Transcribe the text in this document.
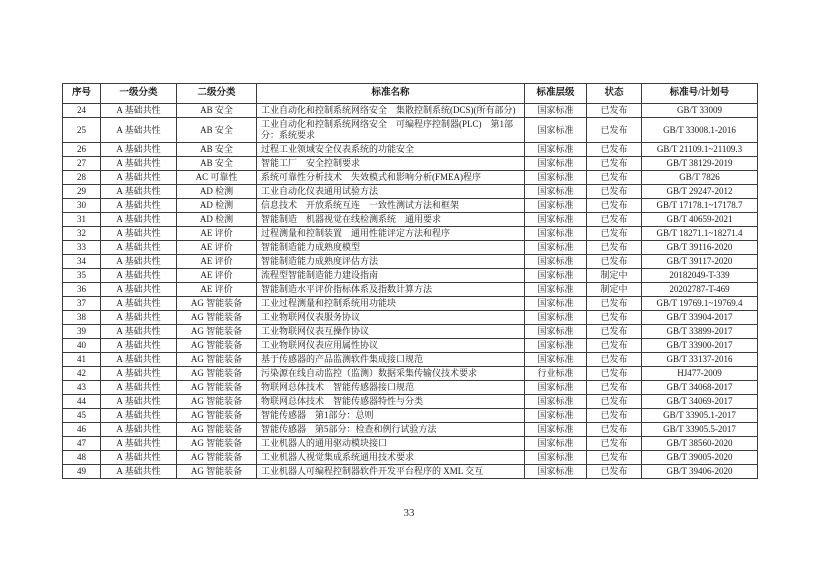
序号	一级分类	二级分类	标准名称	标准层级	状态	标准号/计划号
24	A 基础共性	AB 安全	工业自动化和控制系统网络安全　集散控制系统(DCS)(所有部分)	国家标准	已发布	GB/T 33009
25	A 基础共性	AB 安全	工业自动化和控制系统网络安全　可编程序控制器(PLC)　第1部分：系统要求	国家标准	已发布	GB/T 33008.1-2016
26	A 基础共性	AB 安全	过程工业领域安全仪表系统的功能安全	国家标准	已发布	GB/T 21109.1~21109.3
27	A 基础共性	AB 安全	智能工厂　安全控制要求	国家标准	已发布	GB/T 38129-2019
28	A 基础共性	AC 可靠性	系统可靠性分析技术　失效模式和影响分析(FMEA)程序	国家标准	已发布	GB/T 7826
29	A 基础共性	AD 检测	工业自动化仪表通用试验方法	国家标准	已发布	GB/T 29247-2012
30	A 基础共性	AD 检测	信息技术　开放系统互连　一致性测试方法和框架	国家标准	已发布	GB/T 17178.1~17178.7
31	A 基础共性	AD 检测	智能制造　机器视觉在线检测系统　通用要求	国家标准	已发布	GB/T 40659-2021
32	A 基础共性	AE 评价	过程测量和控制装置　通用性能评定方法和程序	国家标准	已发布	GB/T 18271.1~18271.4
33	A 基础共性	AE 评价	智能制造能力成熟度模型	国家标准	已发布	GB/T 39116-2020
34	A 基础共性	AE 评价	智能制造能力成熟度评估方法	国家标准	已发布	GB/T 39117-2020
35	A 基础共性	AE 评价	流程型智能制造能力建设指南	国家标准	制定中	20182049-T-339
36	A 基础共性	AE 评价	智能制造水平评价指标体系及指数计算方法	国家标准	制定中	20202787-T-469
37	A 基础共性	AG 智能装备	工业过程测量和控制系统用功能块	国家标准	已发布	GB/T 19769.1~19769.4
38	A 基础共性	AG 智能装备	工业物联网仪表服务协议	国家标准	已发布	GB/T 33904-2017
39	A 基础共性	AG 智能装备	工业物联网仪表互操作协议	国家标准	已发布	GB/T 33899-2017
40	A 基础共性	AG 智能装备	工业物联网仪表应用属性协议	国家标准	已发布	GB/T 33900-2017
41	A 基础共性	AG 智能装备	基于传感器的产品监测软件集成接口规范	国家标准	已发布	GB/T 33137-2016
42	A 基础共性	AG 智能装备	污染源在线自动监控（监测）数据采集传输仪技术要求	行业标准	已发布	HJ477-2009
43	A 基础共性	AG 智能装备	物联网总体技术　智能传感器接口规范	国家标准	已发布	GB/T 34068-2017
44	A 基础共性	AG 智能装备	物联网总体技术　智能传感器特性与分类	国家标准	已发布	GB/T 34069-2017
45	A 基础共性	AG 智能装备	智能传感器　第1部分：总则	国家标准	已发布	GB/T 33905.1-2017
46	A 基础共性	AG 智能装备	智能传感器　第5部分：检查和例行试验方法	国家标准	已发布	GB/T 33905.5-2017
47	A 基础共性	AG 智能装备	工业机器人的通用驱动模块接口	国家标准	已发布	GB/T 38560-2020
48	A 基础共性	AG 智能装备	工业机器人视觉集成系统通用技术要求	国家标准	已发布	GB/T 39005-2020
49	A 基础共性	AG 智能装备	工业机器人可编程控制器软件开发平台程序的 XML 交互	国家标准	已发布	GB/T 39406-2020
33
